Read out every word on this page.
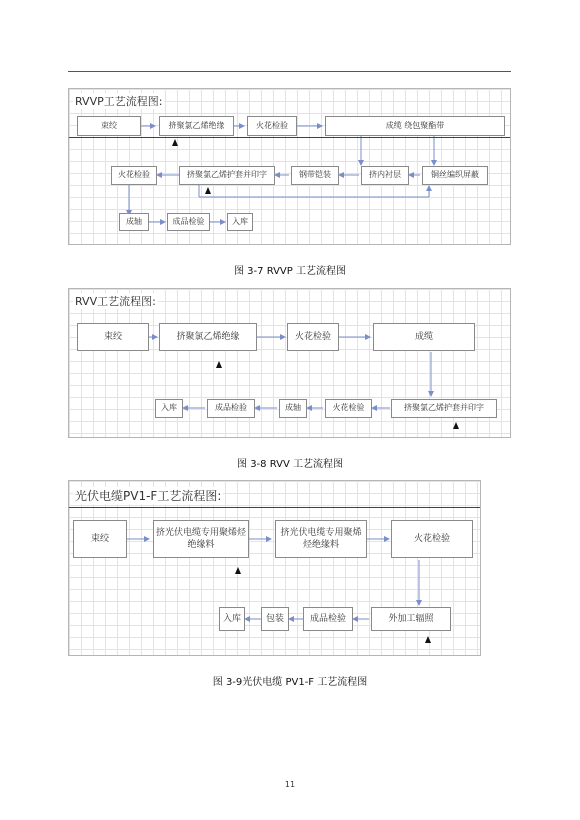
RVVP工艺流程图:
束绞	挤聚氯乙烯绝缘	火花检验	成缆 绕包聚酯带
火花检验	挤聚氯乙烯护套并印字	钢带铠装	挤内衬层	铜丝编织屏蔽
成轴	成品检验	入库
图 3-7 RVVP 工艺流程图
RVV工艺流程图:
束绞	挤聚氯乙烯绝缘	火花检验	成缆
入库	成品检验	成轴	火花检验	挤聚氯乙烯护套并印字
图 3-8 RVV 工艺流程图
光伏电缆PV1-F工艺流程图:
束绞
挤光伏电缆专用聚烯烃绝缘料
挤光伏电缆专用聚烯烃绝缘料
火花检验
入库	包装	成品检验	外加工辐照
图 3-9光伏电缆 PV1-F 工艺流程图
11
